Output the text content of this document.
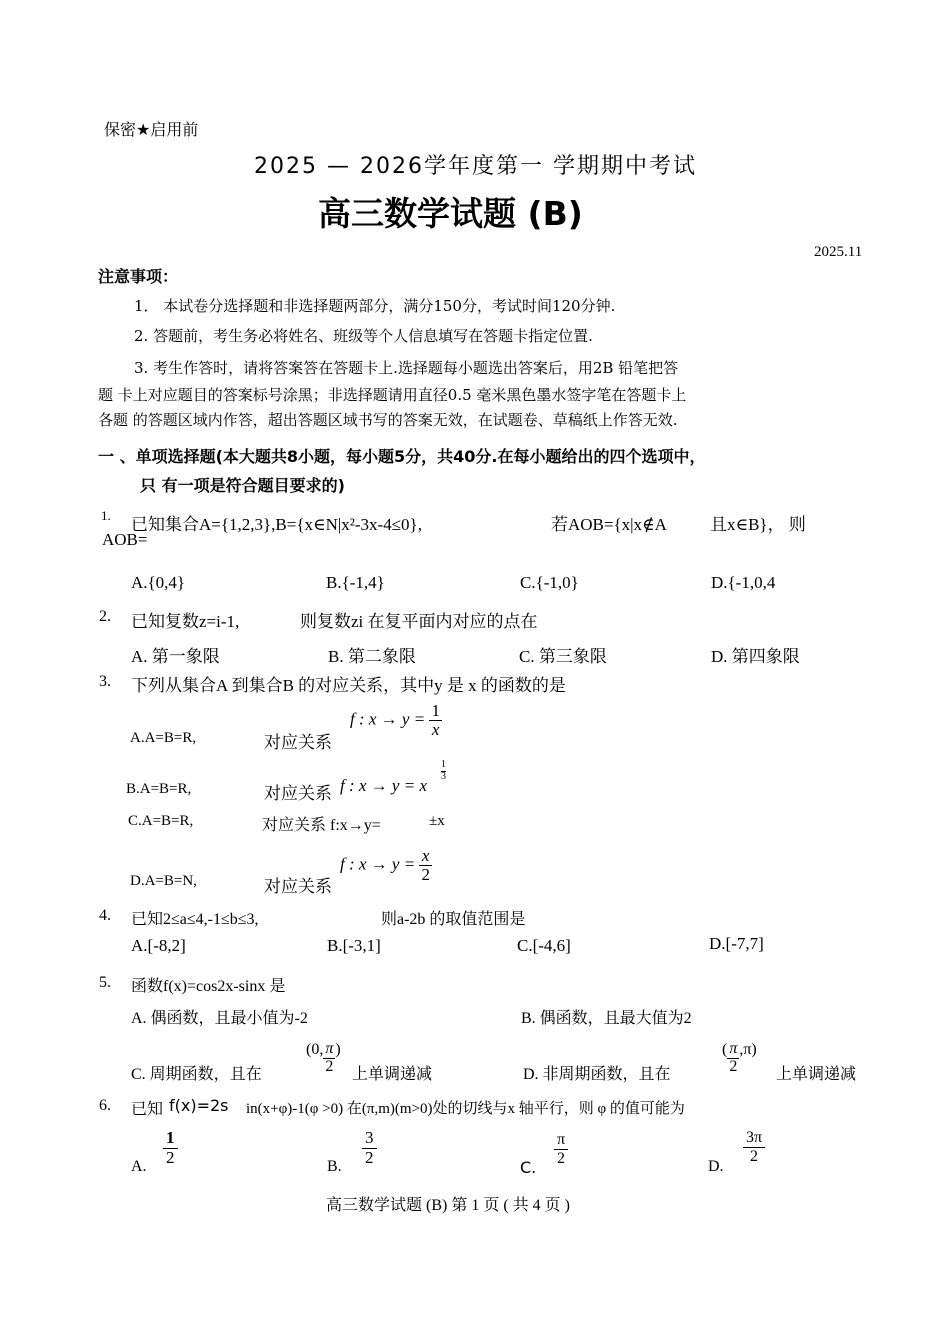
保密★启用前
2025 — 2026学年度第一 学期期中考试
高三数学试题 (B)
2025.11
注意事项：
1． 本试卷分选择题和非选择题两部分，满分150分，考试时间120分钟.
2. 答题前，考生务必将姓名、班级等个人信息填写在答题卡指定位置.
3. 考生作答时，请将答案答在答题卡上.选择题每小题选出答案后，用2B 铅笔把答
题 卡上对应题目的答案标号涂黑；非选择题请用直径0.5 毫米黑色墨水签字笔在答题卡上
各题 的答题区域内作答，超出答题区域书写的答案无效，在试题卷、草稿纸上作答无效.
一 、单项选择题(本大题共8小题，每小题5分，共40分.在每小题给出的四个选项中，
只 有一项是符合题目要求的)
1. 已知集合A={1,2,3},B={x∈N|x²-3x-4≤0},	若AOB={x|x∉A	且x∈B}， 则
AOB=
A.{0,4}	B.{-1,4}	C.{-1,0}	D.{-1,0,4
2. 已知复数z=i-1,	则复数zi 在复平面内对应的点在
A. 第一象限	B. 第二象限	C. 第三象限	D. 第四象限
3. 下列从集合A 到集合B 的对应关系，其中y 是 x 的函数的是
A.A=B=R,	对应关系
f : $x \to y = \frac{1}{x}$
B.A=B=R,	对应关系 f : x → y = x
1
3
C.A=B=R,	对应关系 f:x→y=	±x
D.A=B=N,	对应关系
f : $x \to y = \frac{x}{2}$
4. 已知2≤a≤4,-1≤b≤3,	则a-2b 的取值范围是
A.[-8,2]	B.[-3,1]	C.[-4,6]	D.[-7,7]
5. 函数f(x)=cos2x-sinx 是
A. 偶函数，且最小值为-2	B. 偶函数，且最大值为2
C. 周期函数，且在
(0, $\frac{\pi}{2}$ )
上单调递减	D. 非周期函数，且在
( $\frac{\pi}{2} ,\pi$)
上单调递减
6. 已知 f(x)=2s in(x+φ)-1(φ >0) 在(π,m)(m>0)处的切线与x 轴平行，则 φ 的值可能为
A.
1
2	B.
3
2
C.
π
2	D.
3π
2
高三数学试题 (B) 第 1 页 ( 共 4 页 )
